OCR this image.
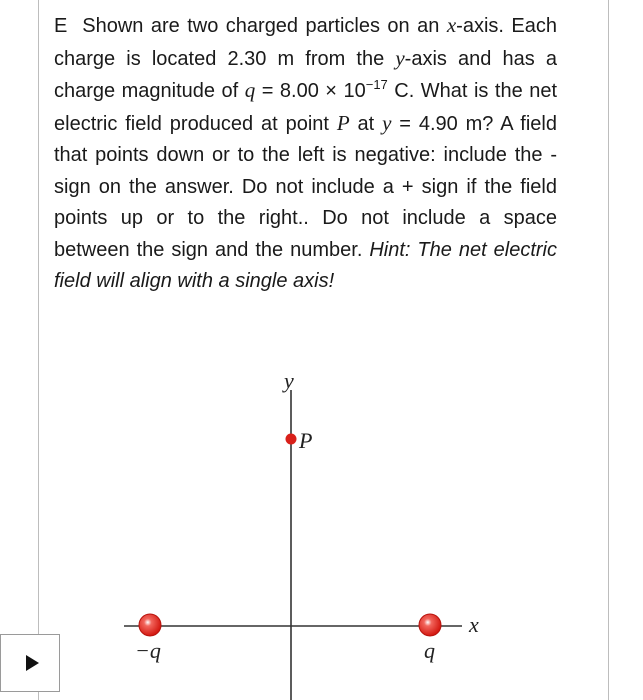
E Shown are two charged particles on an x-axis. Each charge is located 2.30 m from the y-axis and has a charge magnitude of $q = 8.00 \times 10^{-17}$ C. What is the net electric field produced at point P at y = 4.90 m? A field that points down or to the left is negative: include the - sign on the answer. Do not include a + sign if the field points up or to the right.. Do not include a space between the sign and the number. Hint: The net electric field will align with a single axis!

y
x
P
−q	q
